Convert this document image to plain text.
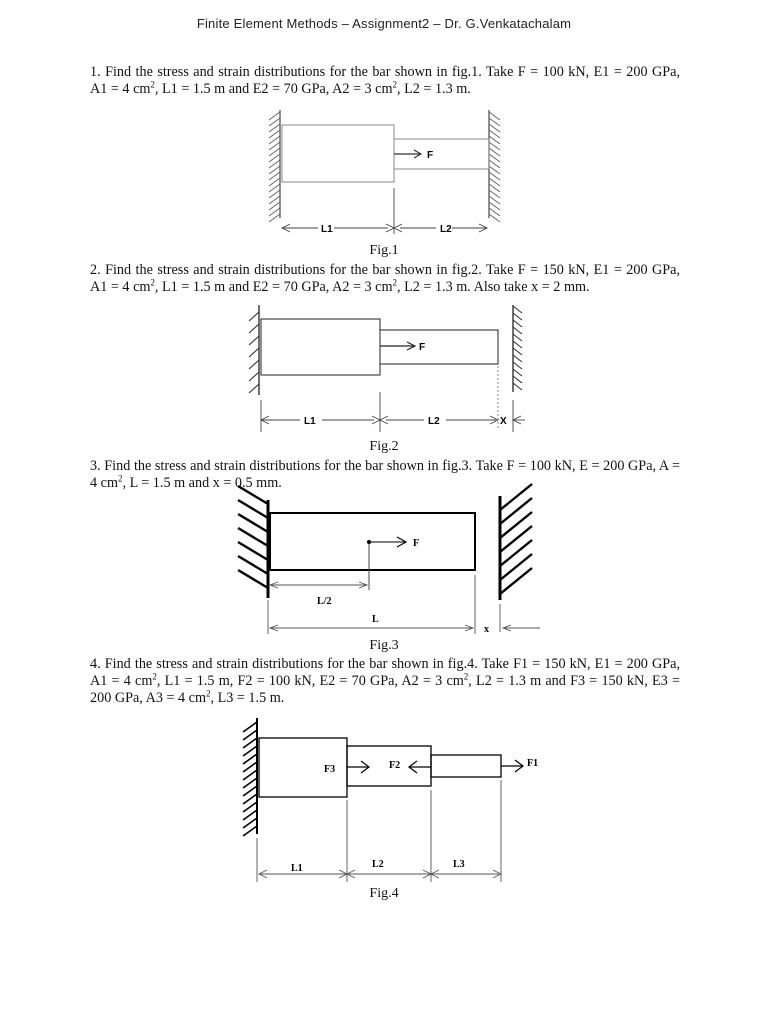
Finite Element Methods – Assignment2 – Dr. G.Venkatachalam
1. Find the stress and strain distributions for the bar shown in fig.1. Take F = 100 kN, E1 = 200 GPa, A1 = 4 $cm^2$, L1 = 1.5 m and E2 = 70 GPa, A2 = 3 $cm^2$, L2 = 1.3 m.
F
L1	L2
Fig.1
2. Find the stress and strain distributions for the bar shown in fig.2. Take F = 150 kN, E1 = 200 GPa, A1 = 4 $cm^2$, L1 = 1.5 m and E2 = 70 GPa, A2 = 3 $cm^2$, L2 = 1.3 m. Also take x = 2 mm.
F
L1	L2	X
Fig.2
3. Find the stress and strain distributions for the bar shown in fig.3. Take F = 100 kN, E = 200 GPa, A = 4 $cm^2$, L = 1.5 m and x = 0.5 mm.
F
L/2
L
x
Fig.3
4. Find the stress and strain distributions for the bar shown in fig.4. Take F1 = 150 kN, E1 = 200 GPa, A1 = 4 $cm^2$, L1 = 1.5 m, F2 = 100 kN, E2 = 70 GPa, A2 = 3 $cm^2$, L2 = 1.3 m and F3 = 150 kN, E3 = 200 GPa, A3 = 4 $cm^2$, L3 = 1.5 m.
F3	F2	F1
L1	L2	L3
Fig.4
